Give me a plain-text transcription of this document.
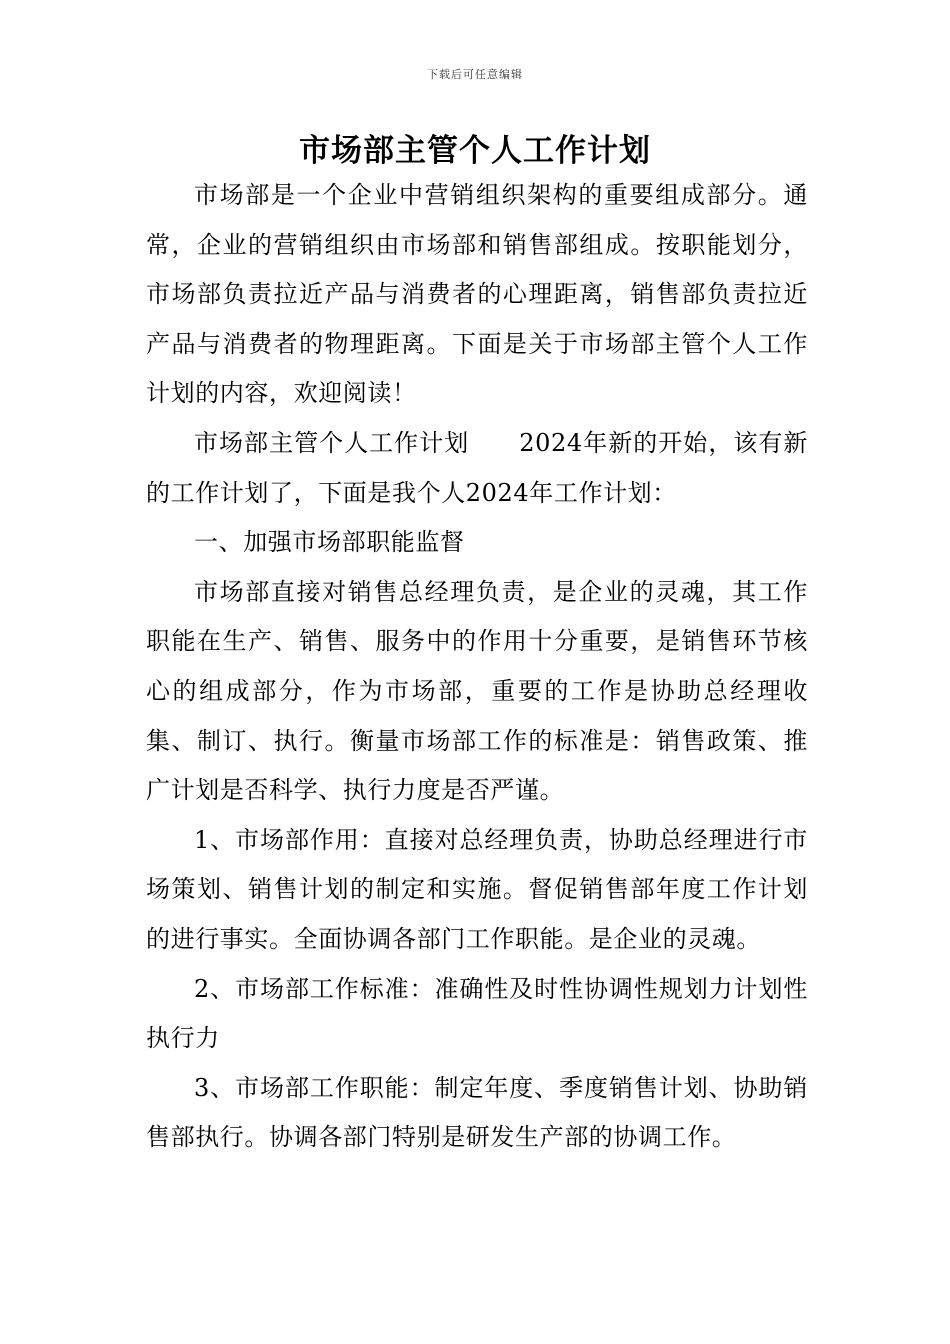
下载后可任意编辑
市场部主管个人工作计划

市场部是一个企业中营销组织架构的重要组成部分。通常，企业的营销组织由市场部和销售部组成。按职能划分，市场部负责拉近产品与消费者的心理距离，销售部负责拉近产品与消费者的物理距离。下面是关于市场部主管个人工作计划的内容，欢迎阅读！

市场部主管个人工作计划　　2024年新的开始，该有新的工作计划了，下面是我个人2024年工作计划：

一、加强市场部职能监督

市场部直接对销售总经理负责，是企业的灵魂，其工作职能在生产、销售、服务中的作用十分重要，是销售环节核心的组成部分，作为市场部，重要的工作是协助总经理收集、制订、执行。衡量市场部工作的标准是：销售政策、推广计划是否科学、执行力度是否严谨。

1、市场部作用：直接对总经理负责，协助总经理进行市场策划、销售计划的制定和实施。督促销售部年度工作计划的进行事实。全面协调各部门工作职能。是企业的灵魂。

2、市场部工作标准：准确性及时性协调性规划力计划性执行力

3、市场部工作职能：制定年度、季度销售计划、协助销售部执行。协调各部门特别是研发生产部的协调工作。
